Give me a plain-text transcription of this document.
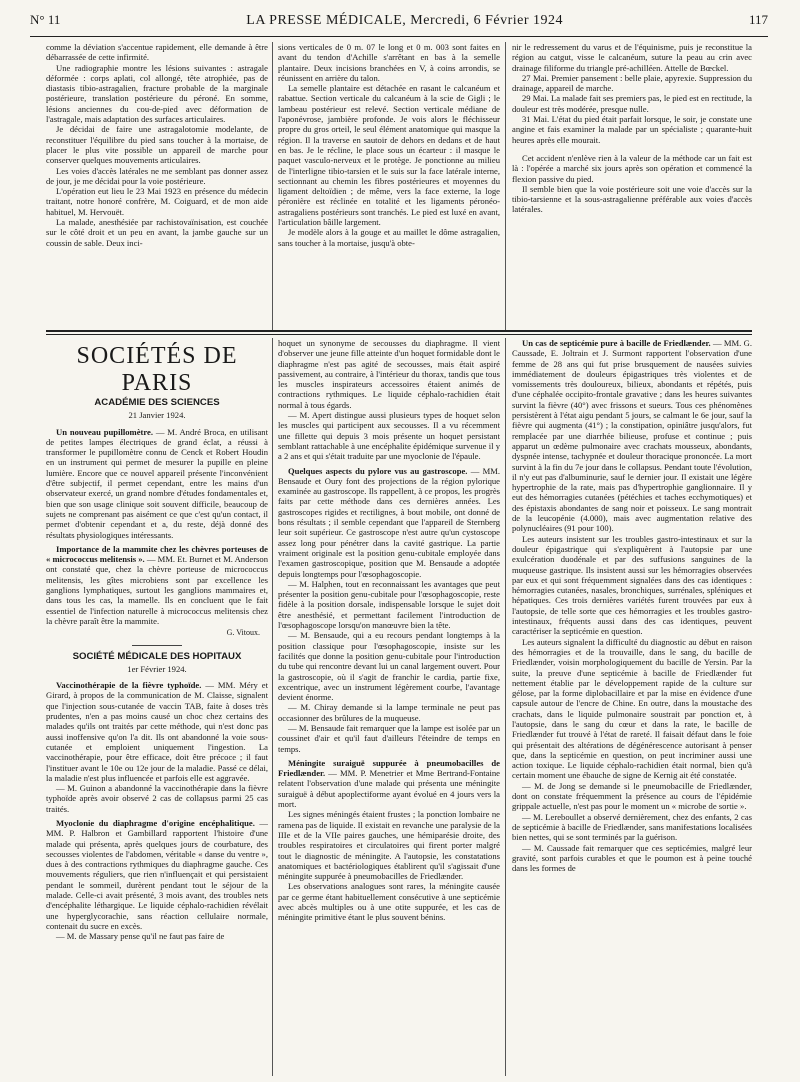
N° 11	LA PRESSE MÉDICALE, Mercredi, 6 Février 1924	117

comme la déviation s'accentue rapidement, elle demande à être débarrassée de cette infirmité.

Une radiographie montre les lésions suivantes : astragale déformée : corps aplati, col allongé, tête atrophiée, pas de diastasis tibio-astragalien, fracture probable de la marginale postérieure, translation postérieure du péroné. En somme, lésions anciennes du cou-de-pied avec déformation de l'astragale, mais adaptation des surfaces articulaires.

Je décidai de faire une astragalotomie modelante, de reconstituer l'équilibre du pied sans toucher à la mortaise, de placer le plus vite possible un appareil de marche pour conserver quelques mouvements articulaires.

Les voies d'accès latérales ne me semblant pas donner assez de jour, je me décidai pour la voie postérieure.

L'opération eut lieu le 23 Mai 1923 en présence du médecin traitant, notre honoré confrère, M. Coiguard, et de mon aide habituel, M. Hervouët.

La malade, anesthésiée par rachistovaïnisation, est couchée sur le côté droit et un peu en avant, la jambe gauche sur un coussin de sable. Deux inci-

sions verticales de 0 m. 07 le long et 0 m. 003 sont faites en avant du tendon d'Achille s'arrêtant en bas à la semelle plantaire. Deux incisions branchées en V, à coins arrondis, se réunissent en arrière du talon.

La semelle plantaire est détachée en rasant le calcanéum et rabattue. Section verticale du calcanéum à la scie de Gigli ; le lambeau postérieur est relevé. Section verticale médiane de l'aponévrose, jambière profonde. Je vois alors le fléchisseur propre du gros orteil, le seul élément anatomique qui masque la région. Il la traverse en sautoir de dehors en dedans et de haut en bas. Je le récline, le place sous un écarteur : il masque le paquet vasculo-nerveux et le protège. Je ponctionne au milieu de l'interligne tibio-tarsien et le suis sur la face latérale interne, sectionnant au chemin les fibres postérieures et moyennes du ligament deltoïdien ; de même, vers la face externe, la loge péronière est réclinée en totalité et les ligaments péronéo-astragaliens postérieurs sont tranchés. Le pied est luxé en avant, l'articulation bâille largement.

Je modèle alors à la gouge et au maillet le dôme astragalien, sans toucher à la mortaise, jusqu'à obte-

nir le redressement du varus et de l'équinisme, puis je reconstitue la région au catgut, visse le calcanéum, suture la peau au crin avec drainage filiforme du triangle pré-achilléen. Attelle de Bœckel.

27 Mai. Premier pansement : belle plaie, apyrexie. Suppression du drainage, appareil de marche.

29 Mai. La malade fait ses premiers pas, le pied est en rectitude, la douleur est très modérée, presque nulle.

31 Mai. L'état du pied était parfait lorsque, le soir, je constate une angine et fais examiner la malade par un spécialiste ; quarante-huit heures après elle mourait.

Cet accident n'enlève rien à la valeur de la méthode car un fait est là : l'opérée a marché six jours après son opération et commencé la flexion passive du pied.

Il semble bien que la voie postérieure soit une voie d'accès sur la tibio-tarsienne et la sous-astragalienne préférable aux voies d'accès latérales.

SOCIÉTÉS DE PARIS
ACADÉMIE DES SCIENCES
21 Janvier 1924.

Un nouveau pupillomètre. — M. André Broca, en utilisant de petites lampes électriques de grand éclat, a réussi à transformer le pupillomètre connu de Cenck et Robert Houdin en un instrument qui permet de mesurer la pupille en pleine lumière. Encore que ce nouvel appareil présente l'inconvénient d'être subjectif, il permet cependant, entre les mains d'un observateur exercé, un grand nombre d'études fondamentales et, bien que son usage clinique soit souvent difficile, beaucoup de sujets ne comprenant pas aisément ce que c'est qu'un contact, il permet d'obtenir cependant et a, du reste, déjà donné des résultats physiologiques intéressants.

Importance de la mammite chez les chèvres porteuses de « micrococcus melitensis ». — MM. Et. Burnet et M. Anderson ont constaté que, chez la chèvre porteuse de micrococcus melitensis, les gîtes microbiens sont par excellence les ganglions lymphatiques, surtout les ganglions mammaires et, dans tous les cas, la mamelle. Ils en concluent que le fait essentiel de l'infection naturelle à micrococcus melitensis chez la chèvre paraît être la mammite.

G. Vitoux.
SOCIÉTÉ MÉDICALE DES HOPITAUX
1er Février 1924.

Vaccinothérapie de la fièvre typhoïde. — MM. Méry et Girard, à propos de la communication de M. Claisse, signalent que l'injection sous-cutanée de vaccin TAB, faite à doses très prudentes, n'en a pas moins causé un choc chez certains des malades qu'ils ont traités par cette méthode, qui n'est donc pas aussi inoffensive qu'on l'a dit. Ils ont abandonné la voie sous-cutanée et emploient uniquement l'ingestion. La vaccinothérapie, pour être efficace, doit être précoce ; il faut l'instituer avant le 10e ou 12e jour de la maladie. Passé ce délai, la maladie n'est plus influencée et parfois elle est aggravée.

— M. Guinon a abandonné la vaccinothérapie dans la fièvre typhoïde après avoir observé 2 cas de collapsus parmi 25 cas traités.

Myoclonie du diaphragme d'origine encéphalitique. — MM. P. Halbron et Gambillard rapportent l'histoire d'une malade qui présenta, après quelques jours de courbature, des secousses violentes de l'abdomen, véritable « danse du ventre », dues à des contractions rythmiques du diaphragme gauche. Ces mouvements réguliers, que rien n'influençait et qui persistaient pendant le sommeil, durèrent pendant tout le séjour de la malade. Celle-ci avait présenté, 3 mois avant, des troubles nets d'encéphalite léthargique. Le liquide céphalo-rachidien révélait une hyperglycorachie, sans réaction cellulaire normale, contenait du sucre en excès.

— M. de Massary pense qu'il ne faut pas faire de

hoquet un synonyme de secousses du diaphragme. Il vient d'observer une jeune fille atteinte d'un hoquet formidable dont le diaphragme n'est pas agité de secousses, mais était aspiré passivement, au contraire, à l'intérieur du thorax, tandis que tous les muscles inspirateurs accessoires étaient animés de contractions rythmiques. Le liquide céphalo-rachidien était normal à tous égards.

— M. Apert distingue aussi plusieurs types de hoquet selon les muscles qui participent aux secousses. Il a vu récemment une fillette qui depuis 3 mois présente un hoquet persistant semblant rattachable à une encéphalite épidémique survenue il y a 2 ans et qui s'était traduite par une myoclonie de l'épaule.

Quelques aspects du pylore vus au gastroscope. — MM. Bensaude et Oury font des projections de la région pylorique examinée au gastroscope. Ils rappellent, à ce propos, les progrès faits par cette méthode dans ces dernières années. Les gastroscopes rigides et rectilignes, à bout mobile, ont donné de bons résultats ; il semble cependant que l'appareil de Sternberg leur soit supérieur. Ce gastroscope n'est autre qu'un cystoscope assez long pour pénétrer dans la cavité gastrique. La partie vraiment originale est la position genu-cubitale employée dans l'examen gastroscopique, position que M. Bensaude a adoptée depuis longtemps pour l'œsophagoscopie.

— M. Halphen, tout en reconnaissant les avantages que peut présenter la position genu-cubitale pour l'œsophagoscopie, reste fidèle à la position dorsale, indispensable lorsque le sujet doit être anesthésié, et permettant facilement l'introduction de l'œsophagoscope lorsqu'on manœuvre bien la tête.

— M. Bensaude, qui a eu recours pendant longtemps à la position classique pour l'œsophagoscopie, insiste sur les facilités que donne la position genu-cubitale pour l'introduction du tube qui rencontre devant lui un canal largement ouvert. Pour la gastroscopie, où il s'agit de franchir le cardia, partie fixe, excentrique, avec un instrument légèrement courbe, l'avantage devient énorme.

— M. Chiray demande si la lampe terminale ne peut pas occasionner des brûlures de la muqueuse.

— M. Bensaude fait remarquer que la lampe est isolée par un coussinet d'air et qu'il faut d'ailleurs l'éteindre de temps en temps.

Méningite suraiguë suppurée à pneumobacilles de Friedlænder. — MM. P. Menetrier et Mme Bertrand-Fontaine relatent l'observation d'une malade qui présenta une méningite suraiguë à début apoplectiforme ayant évolué en 4 jours vers la mort.

Les signes méningés étaient frustes ; la ponction lombaire ne ramena pas de liquide. Il existait en revanche une paralysie de la IIIe et de la VIIe paires gauches, une hémiparésie droite, des troubles respiratoires et circulatoires qui firent porter malgré tout le diagnostic de méningite. A l'autopsie, les constatations anatomiques et bactériologiques établirent qu'il s'agissait d'une méningite suppurée à pneumobacilles de Friedlænder.

Les observations analogues sont rares, la méningite causée par ce germe étant habituellement consécutive à une septicémie avec abcès multiples ou à une otite suppurée, et les cas de méningite primitive étant le plus souvent bénins.

Un cas de septicémie pure à bacille de Friedlænder. — MM. G. Caussade, E. Joltrain et J. Surmont rapportent l'observation d'une femme de 28 ans qui fut prise brusquement de nausées suivies immédiatement de douleurs épigastriques très violentes et de vomissements très douloureux, bilieux, abondants et répétés, puis d'une céphalée occipito-frontale gravative ; dans les heures suivantes survint la fièvre (40°) avec frissons et sueurs. Tous ces phénomènes persistèrent à l'état aigu pendant 5 jours, se calmant le 6e jour, sauf la fièvre qui augmenta (41°) ; la constipation, opiniâtre jusqu'alors, fut remplacée par une diarrhée bilieuse, profuse et continue ; puis apparut un œdème pulmonaire avec crachats mousseux, abondants, dyspnée intense, tachypnée et douleur thoracique prononcée. La mort survint à la fin du 7e jour dans le collapsus. Pendant toute l'évolution, il n'y eut pas d'albuminurie, sauf le dernier jour. Il existait une légère hypertrophie de la rate, mais pas d'hypertrophie ganglionnaire. Il y eut des hémorragies cutanées (pétéchies et taches ecchymotiques) et des épistaxis abondantes de sang noir et poisseux. Le sang montrait de la leucopénie (4.000), mais avec augmentation relative des polynucléaires (91 pour 100).

Les auteurs insistent sur les troubles gastro-intestinaux et sur la douleur épigastrique qui s'expliquèrent à l'autopsie par une exulcération duodénale et par des suffusions sanguines de la muqueuse gastrique. Ils insistent aussi sur les hémorragies observées par eux et qui sont fréquemment signalées dans des cas identiques : hémorragies cutanées, nasales, bronchiques, surrénales, spléniques et hépatiques. Ces trois dernières variétés furent trouvées par eux à l'autopsie, de telle sorte que ces hémorragies et les troubles gastro-intestinaux, fréquents aussi dans des cas identiques, peuvent caractériser la septicémie en question.

Les auteurs signalent la difficulté du diagnostic au début en raison des hémorragies et de la trouvaille, dans le sang, du bacille de Friedlænder, voisin morphologiquement du bacille de Yersin. Par la suite, la preuve d'une septicémie à bacille de Friedlænder fut nettement établie par le développement rapide de la culture sur gélose, par la forme diplobacillaire et par la mise en évidence d'une capsule autour de l'encre de Chine. En outre, dans la moustache des crachats, dans le liquide pulmonaire soustrait par ponction et, à l'autopsie, dans le sang du cœur et dans la rate, le bacille de Friedlænder fut trouvé à l'état de rareté. Il faisait défaut dans le foie qui présentait des altérations de dégénérescence autorisant à penser que, dans la septicémie en question, on peut incriminer aussi une action toxique. Le liquide céphalo-rachidien était normal, bien qu'à certain moment une ébauche de signe de Kernig ait été constatée.

— M. de Jong se demande si le pneumobacille de Friedlænder, dont on constate fréquemment la présence au cours de l'épidémie grippale actuelle, n'est pas pour le moment un « microbe de sortie ».

— M. Lereboullet a observé dernièrement, chez des enfants, 2 cas de septicémie à bacille de Friedlænder, sans manifestations localisées bien nettes, qui se sont terminés par la guérison.

— M. Caussade fait remarquer que ces septicémies, malgré leur gravité, sont parfois curables et que le poumon est à peine touché dans les formes de
